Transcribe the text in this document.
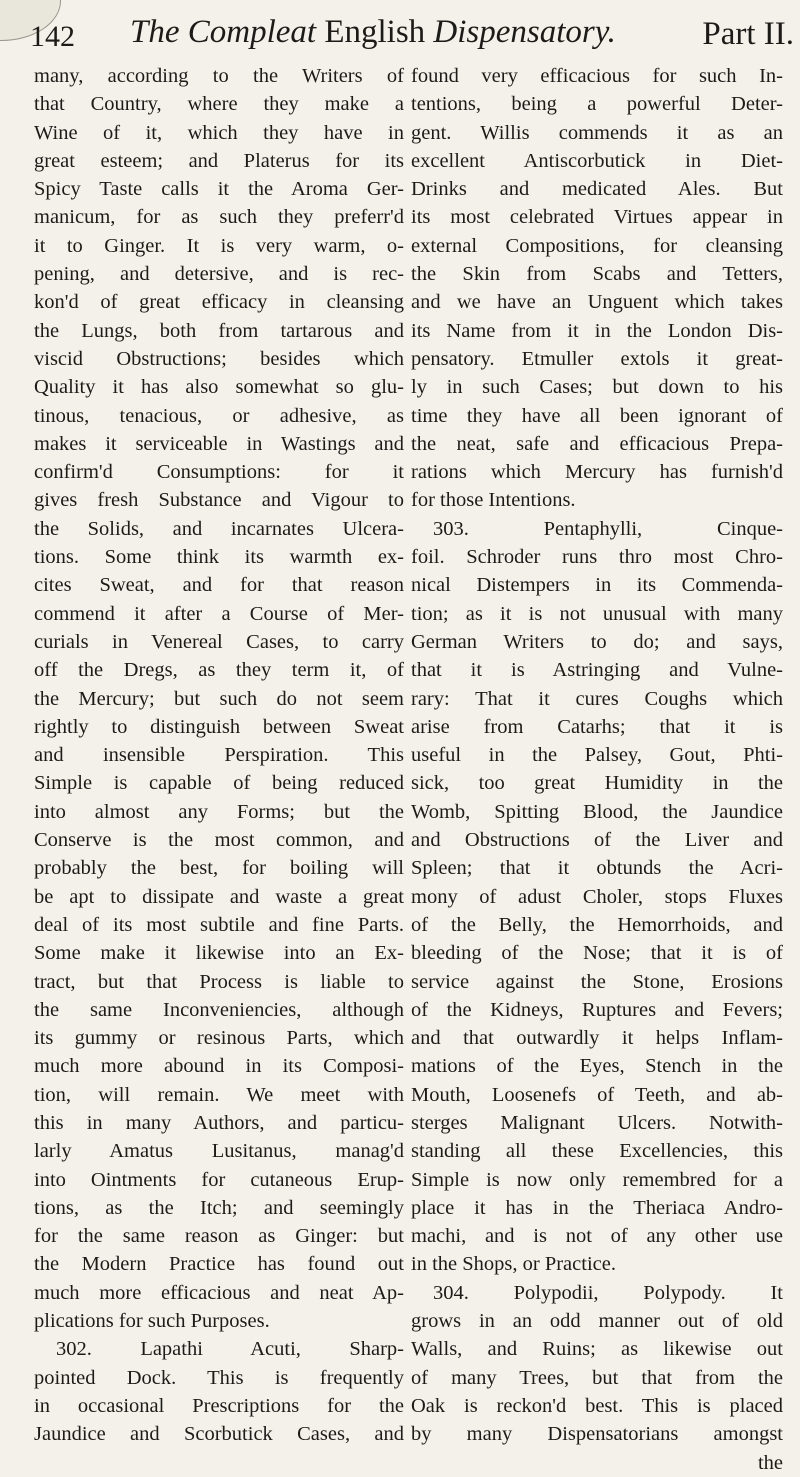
142 The Compleat English Dispensatory.	Part II.
many, according to the Writers of
that Country, where they make a
Wine of it, which they have in
great esteem; and Platerus for its
Spicy Taste calls it the Aroma Ger-
manicum, for as such they preferr'd
it to Ginger. It is very warm, o-
pening, and detersive, and is rec-
kon'd of great efficacy in cleansing
the Lungs, both from tartarous and
viscid Obstructions; besides which
Quality it has also somewhat so glu-
tinous, tenacious, or adhesive, as
makes it serviceable in Wastings and
confirm'd Consumptions: for it
gives fresh Substance and Vigour to
the Solids, and incarnates Ulcera-
tions. Some think its warmth ex-
cites Sweat, and for that reason
commend it after a Course of Mer-
curials in Venereal Cases, to carry
off the Dregs, as they term it, of
the Mercury; but such do not seem
rightly to distinguish between Sweat
and insensible Perspiration. This
Simple is capable of being reduced
into almost any Forms; but the
Conserve is the most common, and
probably the best, for boiling will
be apt to dissipate and waste a great
deal of its most subtile and fine Parts.
Some make it likewise into an Ex-
tract, but that Process is liable to
the same Inconveniencies, although
its gummy or resinous Parts, which
much more abound in its Composi-
tion, will remain. We meet with
this in many Authors, and particu-
larly Amatus Lusitanus, manag'd
into Ointments for cutaneous Erup-
tions, as the Itch; and seemingly
for the same reason as Ginger: but
the Modern Practice has found out
much more efficacious and neat Ap-
plications for such Purposes.
302. Lapathi Acuti, Sharp-
pointed Dock. This is frequently
in occasional Prescriptions for the
Jaundice and Scorbutick Cases, and
found very efficacious for such In-
tentions, being a powerful Deter-
gent. Willis commends it as an
excellent Antiscorbutick in Diet-
Drinks and medicated Ales. But
its most celebrated Virtues appear in
external Compositions, for cleansing
the Skin from Scabs and Tetters,
and we have an Unguent which takes
its Name from it in the London Dis-
pensatory. Etmuller extols it great-
ly in such Cases; but down to his
time they have all been ignorant of
the neat, safe and efficacious Prepa-
rations which Mercury has furnish'd
for those Intentions.
303. Pentaphylli, Cinque-
foil. Schroder runs thro most Chro-
nical Distempers in its Commenda-
tion; as it is not unusual with many
German Writers to do; and says,
that it is Astringing and Vulne-
rary: That it cures Coughs which
arise from Catarhs; that it is
useful in the Palsey, Gout, Phti-
sick, too great Humidity in the
Womb, Spitting Blood, the Jaundice
and Obstructions of the Liver and
Spleen; that it obtunds the Acri-
mony of adust Choler, stops Fluxes
of the Belly, the Hemorrhoids, and
bleeding of the Nose; that it is of
service against the Stone, Erosions
of the Kidneys, Ruptures and Fevers;
and that outwardly it helps Inflam-
mations of the Eyes, Stench in the
Mouth, Loosenefs of Teeth, and ab-
sterges Malignant Ulcers. Notwith-
standing all these Excellencies, this
Simple is now only remembred for a
place it has in the Theriaca Andro-
machi, and is not of any other use
in the Shops, or Practice.
304. Polypodii, Polypody. It
grows in an odd manner out of old
Walls, and Ruins; as likewise out
of many Trees, but that from the
Oak is reckon'd best. This is placed
by many Dispensatorians amongst
the
